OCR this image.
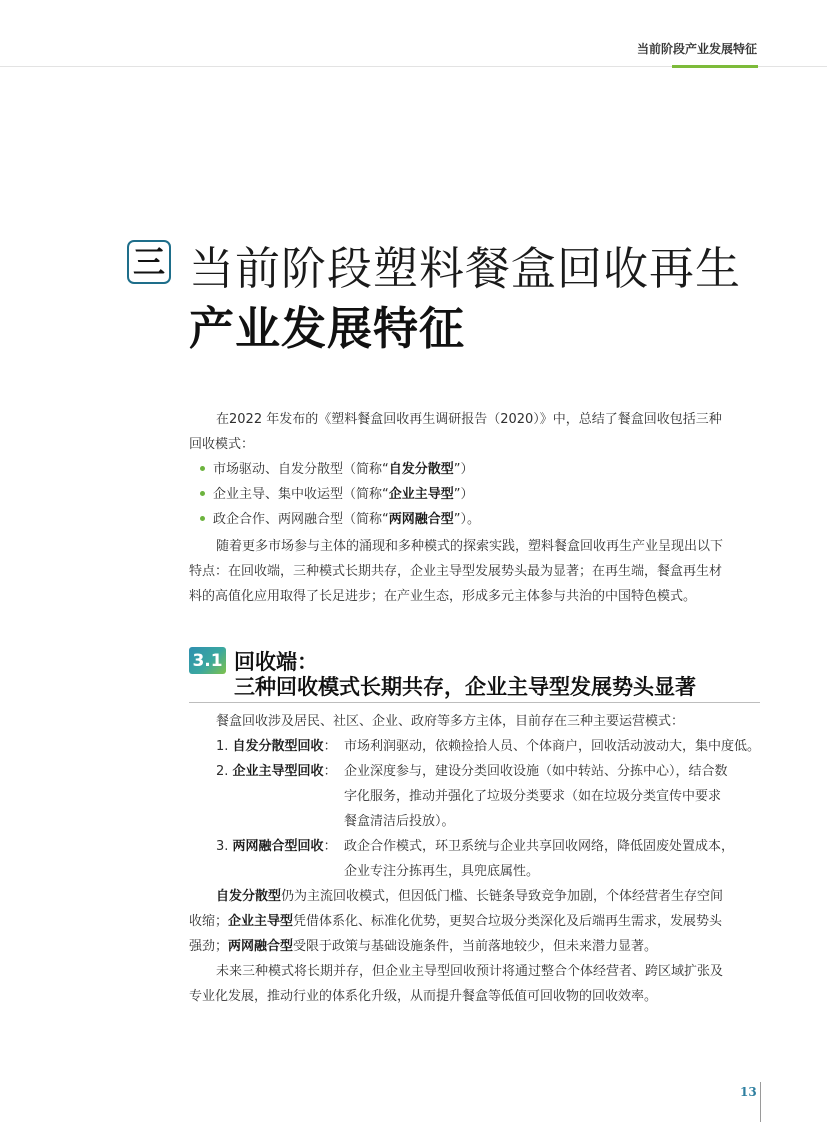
当前阶段产业发展特征
三 当前阶段塑料餐盒回收再生
产业发展特征
在2022 年发布的《塑料餐盒回收再生调研报告（2020）》中，总结了餐盒回收包括三种
回收模式：
市场驱动、自发分散型（简称“自发分散型”）
企业主导、集中收运型（简称“企业主导型”）
政企合作、两网融合型（简称“两网融合型”）。
随着更多市场参与主体的涌现和多种模式的探索实践，塑料餐盒回收再生产业呈现出以下
特点：在回收端，三种模式长期共存，企业主导型发展势头最为显著；在再生端，餐盒再生材
料的高值化应用取得了长足进步；在产业生态，形成多元主体参与共治的中国特色模式。
3.1 回收端：
三种回收模式长期共存，企业主导型发展势头显著
餐盒回收涉及居民、社区、企业、政府等多方主体，目前存在三种主要运营模式：
1. 自发分散型回收： 市场利润驱动，依赖捡拾人员、个体商户，回收活动波动大，集中度低。
2. 企业主导型回收： 企业深度参与，建设分类回收设施（如中转站、分拣中心），结合数
字化服务，推动并强化了垃圾分类要求（如在垃圾分类宣传中要求
餐盒清洁后投放）。
3. 两网融合型回收： 政企合作模式，环卫系统与企业共享回收网络，降低固废处置成本，
企业专注分拣再生，具兜底属性。
自发分散型仍为主流回收模式，但因低门槛、长链条导致竞争加剧，个体经营者生存空间
收缩；企业主导型凭借体系化、标准化优势，更契合垃圾分类深化及后端再生需求，发展势头
强劲；两网融合型受限于政策与基础设施条件，当前落地较少，但未来潜力显著。
未来三种模式将长期并存，但企业主导型回收预计将通过整合个体经营者、跨区域扩张及
专业化发展，推动行业的体系化升级，从而提升餐盒等低值可回收物的回收效率。
13
